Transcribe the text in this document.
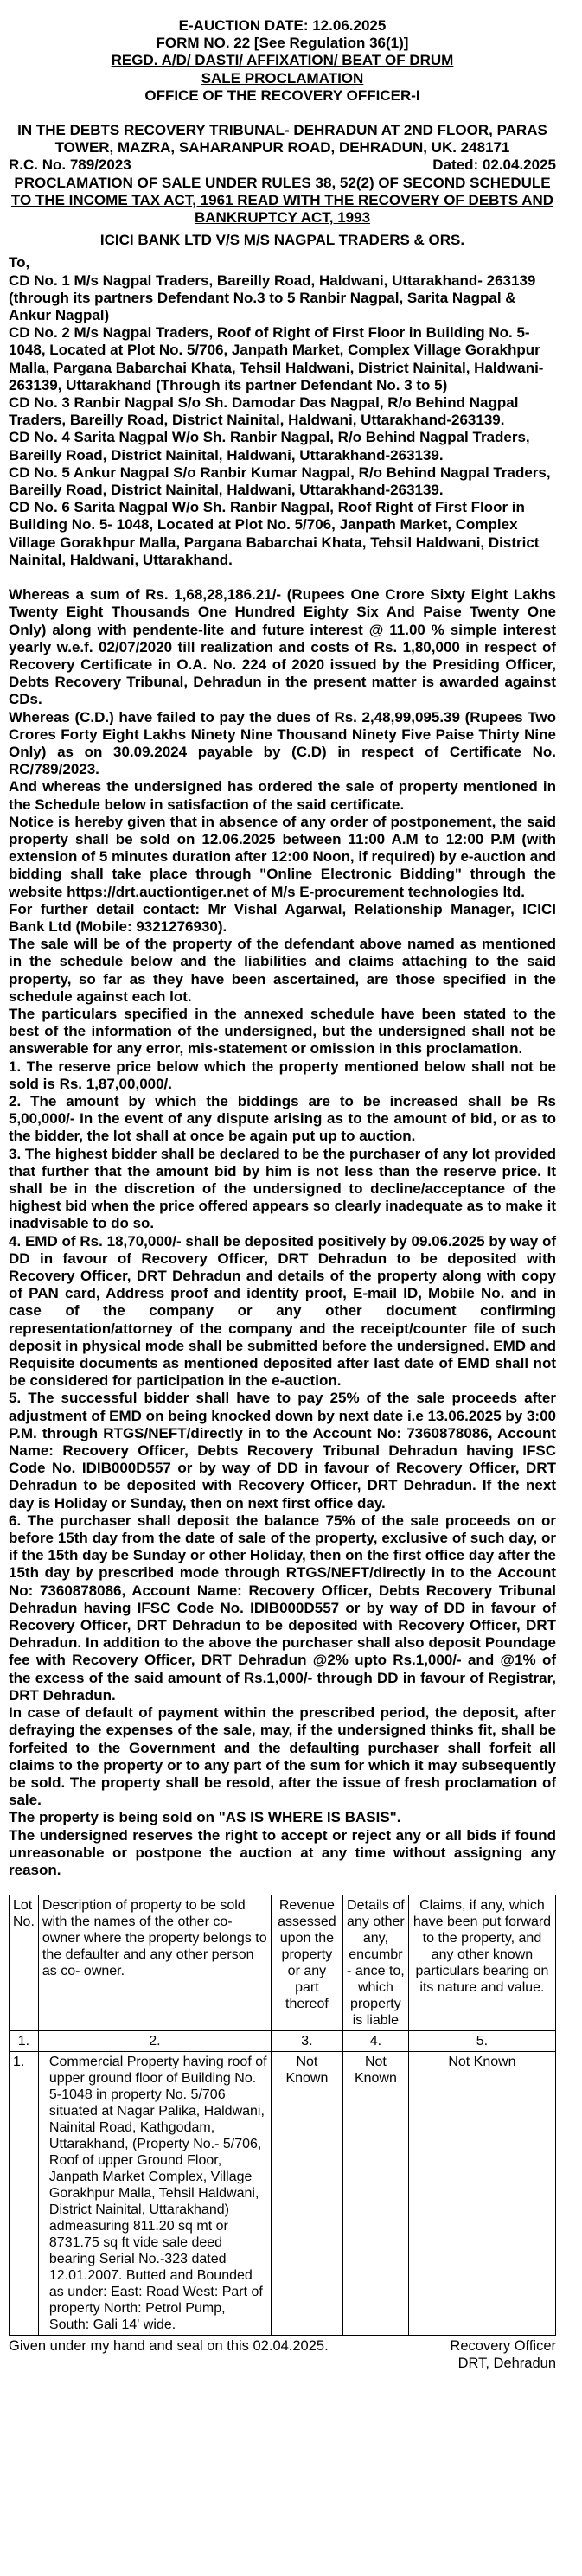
E-AUCTION DATE: 12.06.2025
FORM NO. 22 [See Regulation 36(1)]
REGD. A/D/ DASTI/ AFFIXATION/ BEAT OF DRUM
SALE PROCLAMATION
OFFICE OF THE RECOVERY OFFICER-I
IN THE DEBTS RECOVERY TRIBUNAL- DEHRADUN AT 2ND FLOOR, PARAS TOWER, MAZRA, SAHARANPUR ROAD, DEHRADUN, UK. 248171
R.C. No. 789/2023	Dated: 02.04.2025
PROCLAMATION OF SALE UNDER RULES 38, 52(2) OF SECOND SCHEDULE TO THE INCOME TAX ACT, 1961 READ WITH THE RECOVERY OF DEBTS AND BANKRUPTCY ACT, 1993
ICICI BANK LTD V/S M/S NAGPAL TRADERS & ORS.
To,

CD No. 1 M/s Nagpal Traders, Bareilly Road, Haldwani, Uttarakhand- 263139 (through its partners Defendant No.3 to 5 Ranbir Nagpal, Sarita Nagpal & Ankur Nagpal)

CD No. 2 M/s Nagpal Traders, Roof of Right of First Floor in Building No. 5-1048, Located at Plot No. 5/706, Janpath Market, Complex Village Gorakhpur Malla, Pargana Babarchai Khata, Tehsil Haldwani, District Nainital, Haldwani- 263139, Uttarakhand (Through its partner Defendant No. 3 to 5)

CD No. 3 Ranbir Nagpal S/o Sh. Damodar Das Nagpal, R/o Behind Nagpal Traders, Bareilly Road, District Nainital, Haldwani, Uttarakhand-263139.

CD No. 4 Sarita Nagpal W/o Sh. Ranbir Nagpal, R/o Behind Nagpal Traders, Bareilly Road, District Nainital, Haldwani, Uttarakhand-263139.

CD No. 5 Ankur Nagpal S/o Ranbir Kumar Nagpal, R/o Behind Nagpal Traders, Bareilly Road, District Nainital, Haldwani, Uttarakhand-263139.

CD No. 6 Sarita Nagpal W/o Sh. Ranbir Nagpal, Roof Right of First Floor in Building No. 5- 1048, Located at Plot No. 5/706, Janpath Market, Complex Village Gorakhpur Malla, Pargana Babarchai Khata, Tehsil Haldwani, District Nainital, Haldwani, Uttarakhand.

Whereas a sum of Rs. 1,68,28,186.21/- (Rupees One Crore Sixty Eight Lakhs Twenty Eight Thousands One Hundred Eighty Six And Paise Twenty One Only) along with pendente-lite and future interest @ 11.00 % simple interest yearly w.e.f. 02/07/2020 till realization and costs of Rs. 1,80,000 in respect of Recovery Certificate in O.A. No. 224 of 2020 issued by the Presiding Officer, Debts Recovery Tribunal, Dehradun in the present matter is awarded against CDs.

Whereas (C.D.) have failed to pay the dues of Rs. 2,48,99,095.39 (Rupees Two Crores Forty Eight Lakhs Ninety Nine Thousand Ninety Five Paise Thirty Nine Only) as on 30.09.2024 payable by (C.D) in respect of Certificate No. RC/789/2023.

And whereas the undersigned has ordered the sale of property mentioned in the Schedule below in satisfaction of the said certificate.

Notice is hereby given that in absence of any order of postponement, the said property shall be sold on 12.06.2025 between 11:00 A.M to 12:00 P.M (with extension of 5 minutes duration after 12:00 Noon, if required) by e-auction and bidding shall take place through "Online Electronic Bidding" through the website https://drt.auctiontiger.net of M/s E-procurement technologies ltd.

For further detail contact: Mr Vishal Agarwal, Relationship Manager, ICICI Bank Ltd (Mobile: 9321276930).

The sale will be of the property of the defendant above named as mentioned in the schedule below and the liabilities and claims attaching to the said property, so far as they have been ascertained, are those specified in the schedule against each lot.

The particulars specified in the annexed schedule have been stated to the best of the information of the undersigned, but the undersigned shall not be answerable for any error, mis-statement or omission in this proclamation.

1. The reserve price below which the property mentioned below shall not be sold is Rs. 1,87,00,000/.

2. The amount by which the biddings are to be increased shall be Rs 5,00,000/- In the event of any dispute arising as to the amount of bid, or as to the bidder, the lot shall at once be again put up to auction.

3. The highest bidder shall be declared to be the purchaser of any lot provided that further that the amount bid by him is not less than the reserve price. It shall be in the discretion of the undersigned to decline/acceptance of the highest bid when the price offered appears so clearly inadequate as to make it inadvisable to do so.

4. EMD of Rs. 18,70,000/- shall be deposited positively by 09.06.2025 by way of DD in favour of Recovery Officer, DRT Dehradun to be deposited with Recovery Officer, DRT Dehradun and details of the property along with copy of PAN card, Address proof and identity proof, E-mail ID, Mobile No. and in case of the company or any other document confirming representation/attorney of the company and the receipt/counter file of such deposit in physical mode shall be submitted before the undersigned. EMD and Requisite documents as mentioned deposited after last date of EMD shall not be considered for participation in the e-auction.

5. The successful bidder shall have to pay 25% of the sale proceeds after adjustment of EMD on being knocked down by next date i.e 13.06.2025 by 3:00 P.M. through RTGS/NEFT/directly in to the Account No: 7360878086, Account Name: Recovery Officer, Debts Recovery Tribunal Dehradun having IFSC Code No. IDIB000D557 or by way of DD in favour of Recovery Officer, DRT Dehradun to be deposited with Recovery Officer, DRT Dehradun. If the next day is Holiday or Sunday, then on next first office day.

6. The purchaser shall deposit the balance 75% of the sale proceeds on or before 15th day from the date of sale of the property, exclusive of such day, or if the 15th day be Sunday or other Holiday, then on the first office day after the 15th day by prescribed mode through RTGS/NEFT/directly in to the Account No: 7360878086, Account Name: Recovery Officer, Debts Recovery Tribunal Dehradun having IFSC Code No. IDIB000D557 or by way of DD in favour of Recovery Officer, DRT Dehradun to be deposited with Recovery Officer, DRT Dehradun. In addition to the above the purchaser shall also deposit Poundage fee with Recovery Officer, DRT Dehradun @2% upto Rs.1,000/- and @1% of the excess of the said amount of Rs.1,000/- through DD in favour of Registrar, DRT Dehradun.

In case of default of payment within the prescribed period, the deposit, after defraying the expenses of the sale, may, if the undersigned thinks fit, shall be forfeited to the Government and the defaulting purchaser shall forfeit all claims to the property or to any part of the sum for which it may subsequently be sold. The property shall be resold, after the issue of fresh proclamation of sale.

The property is being sold on "AS IS WHERE IS BASIS".

The undersigned reserves the right to accept or reject any or all bids if found unreasonable or postpone the auction at any time without assigning any reason.

Lot No.	Description of property to be sold with the names of the other co-owner where the property belongs to the defaulter and any other person as co- owner.	Revenue assessed upon the property or any part thereof	Details of any other any, encumbr - ance to, which property is liable	Claims, if any, which have been put forward to the property, and any other known particulars bearing on its nature and value.
1.	2.	3.	4.	5.
1.	Commercial Property having roof of upper ground floor of Building No. 5-1048 in property No. 5/706 situated at Nagar Palika, Haldwani, Nainital Road, Kathgodam, Uttarakhand, (Property No.- 5/706, Roof of upper Ground Floor, Janpath Market Complex, Village Gorakhpur Malla, Tehsil Haldwani, District Nainital, Uttarakhand) admeasuring 811.20 sq mt or 8731.75 sq ft vide sale deed bearing Serial No.-323 dated 12.01.2007. Butted and Bounded as under: East: Road West: Part of property North: Petrol Pump, South: Gali 14' wide.	Not Known	Not Known	Not Known
Given under my hand and seal on this 02.04.2025.	Recovery Officer
DRT, Dehradun
